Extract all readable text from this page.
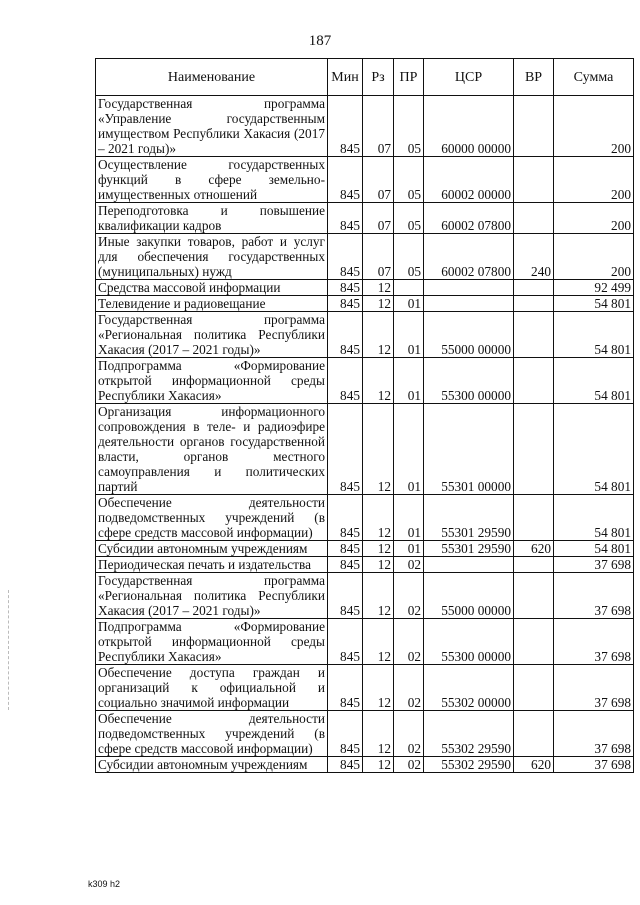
187
Наименование	Мин	Рз	ПР	ЦСР	ВР	Сумма
Государственная программа «Управление государственным имуществом Республики Хакасия (2017 – 2021 годы)»	845	07	05	60000 00000		200
Осуществление государственных функций в сфере земельно-имущественных отношений	845	07	05	60002 00000		200
Переподготовка и повышение квалификации кадров	845	07	05	60002 07800		200
Иные закупки товаров, работ и услуг для обеспечения государственных (муниципальных) нужд	845	07	05	60002 07800	240	200
Средства массовой информации	845	12				92 499
Телевидение и радиовещание	845	12	01			54 801
Государственная программа «Региональная политика Республики Хакасия (2017 – 2021 годы)»	845	12	01	55000 00000		54 801
Подпрограмма «Формирование открытой информационной среды Республики Хакасия»	845	12	01	55300 00000		54 801
Организация информационного сопровождения в теле- и радиоэфире деятельности органов государственной власти, органов местного самоуправления и политических партий	845	12	01	55301 00000		54 801
Обеспечение деятельности подведомственных учреждений (в сфере средств массовой информации)	845	12	01	55301 29590		54 801
Субсидии автономным учреждениям	845	12	01	55301 29590	620	54 801
Периодическая печать и издательства	845	12	02			37 698
Государственная программа «Региональная политика Республики Хакасия (2017 – 2021 годы)»	845	12	02	55000 00000		37 698
Подпрограмма «Формирование открытой информационной среды Республики Хакасия»	845	12	02	55300 00000		37 698
Обеспечение доступа граждан и организаций к официальной и социально значимой информации	845	12	02	55302 00000		37 698
Обеспечение деятельности подведомственных учреждений (в сфере средств массовой информации)	845	12	02	55302 29590		37 698
Субсидии автономным учреждениям	845	12	02	55302 29590	620	37 698
k309 h2
